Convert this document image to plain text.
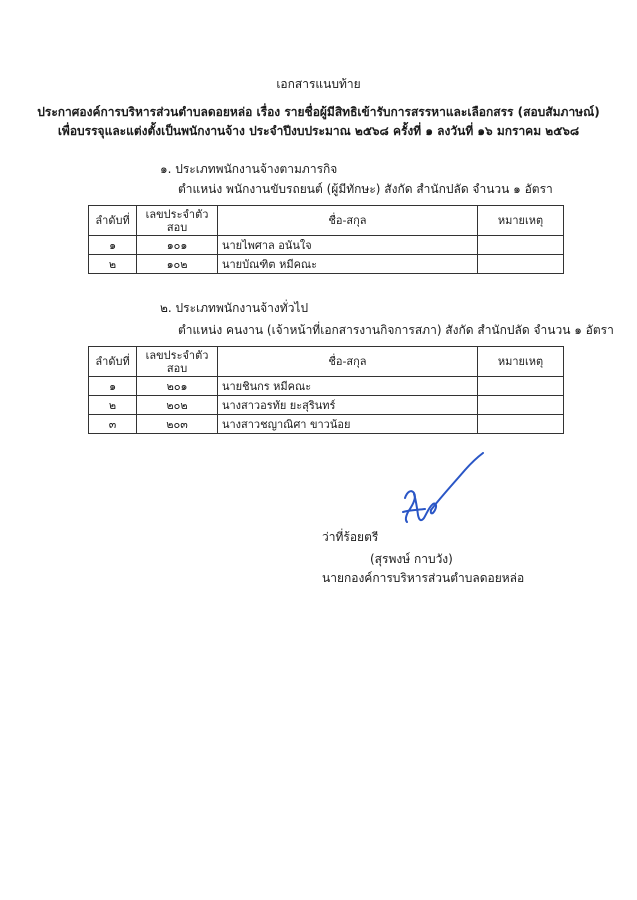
เอกสารแนบท้าย
ประกาศองค์การบริหารส่วนตำบลดอยหล่อ เรื่อง รายชื่อผู้มีสิทธิเข้ารับการสรรหาและเลือกสรร (สอบสัมภาษณ์)
เพื่อบรรจุและแต่งตั้งเป็นพนักงานจ้าง ประจำปีงบประมาณ ๒๕๖๘ ครั้งที่ ๑ ลงวันที่ ๑๖ มกราคม ๒๕๖๘
๑. ประเภทพนักงานจ้างตามภารกิจ
ตำแหน่ง พนักงานขับรถยนต์ (ผู้มีทักษะ) สังกัด สำนักปลัด จำนวน ๑ อัตรา
ลำดับที่	เลขประจำตัวสอบ	ชื่อ-สกุล	หมายเหตุ
๑	๑๐๑	นายไพศาล อนันใจ	
๒	๑๐๒	นายบัณฑิต หมีคณะ	
๒. ประเภทพนักงานจ้างทั่วไป
ตำแหน่ง คนงาน (เจ้าหน้าที่เอกสารงานกิจการสภา) สังกัด สำนักปลัด จำนวน ๑ อัตรา
ลำดับที่	เลขประจำตัวสอบ	ชื่อ-สกุล	หมายเหตุ
๑	๒๐๑	นายชินกร หมีคณะ	
๒	๒๐๒	นางสาวอรทัย ยะสุรินทร์	
๓	๒๐๓	นางสาวชญาณิศา ขาวน้อย	
ว่าที่ร้อยตรี
(สุรพงษ์ กาบวัง)
นายกองค์การบริหารส่วนตำบลดอยหล่อ
